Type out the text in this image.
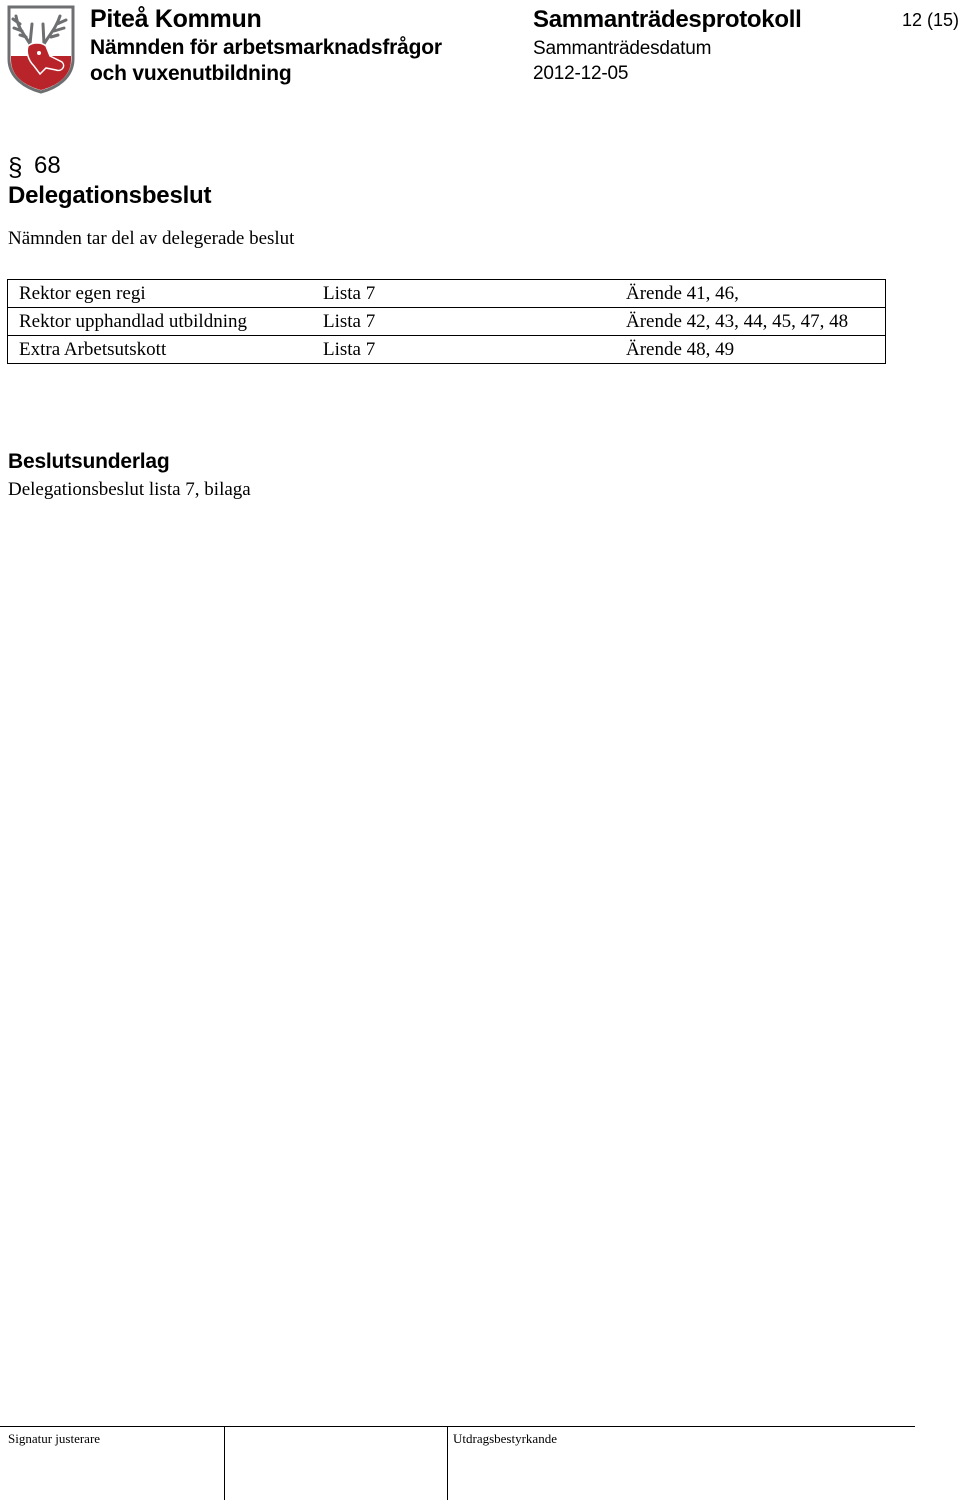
Piteå Kommun
Nämnden för arbetsmarknadsfrågor
och vuxenutbildning
Sammanträdesprotokoll
Sammanträdesdatum
2012-12-05
12 (15)
§ 68
Delegationsbeslut
Nämnden tar del av delegerade beslut
Rektor egen regi	Lista 7	Ärende 41, 46,
Rektor upphandlad utbildning	Lista 7	Ärende 42, 43, 44, 45, 47, 48
Extra Arbetsutskott	Lista 7	Ärende 48, 49
Beslutsunderlag
Delegationsbeslut lista 7, bilaga
Signatur justerare	Utdragsbestyrkande
